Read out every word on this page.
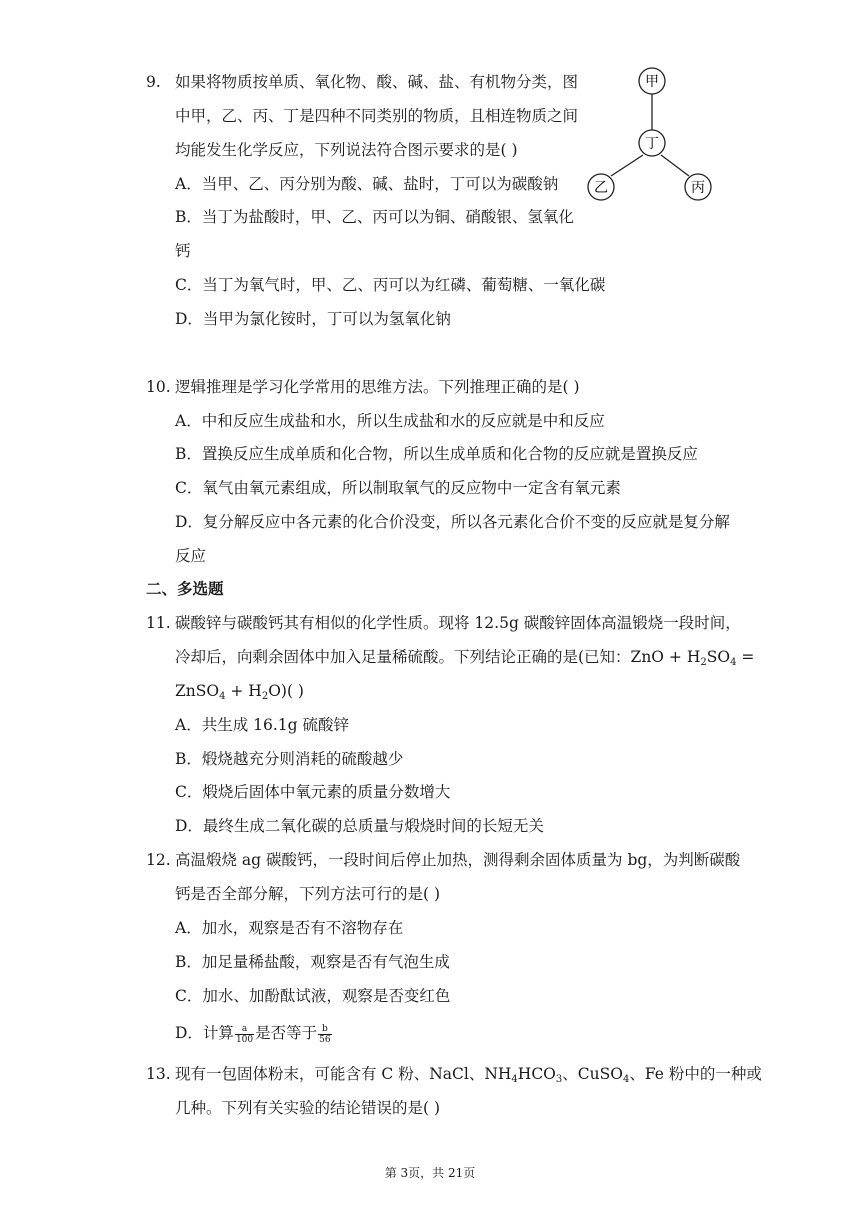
9. 如果将物质按单质、氧化物、酸、碱、盐、有机物分类，图
中甲，乙、丙、丁是四种不同类别的物质，且相连物质之间
均能发生化学反应，下列说法符合图示要求的是( )
A．当甲、乙、丙分别为酸、碱、盐时，丁可以为碳酸钠
B．当丁为盐酸时，甲、乙、丙可以为铜、硝酸银、氢氧化
钙
C．当丁为氧气时，甲、乙、丙可以为红磷、葡萄糖、一氧化碳
D．当甲为氯化铵时，丁可以为氢氧化钠
甲
丁
乙	丙
10. 逻辑推理是学习化学常用的思维方法。下列推理正确的是( )
A．中和反应生成盐和水，所以生成盐和水的反应就是中和反应
B．置换反应生成单质和化合物，所以生成单质和化合物的反应就是置换反应
C．氧气由氧元素组成，所以制取氧气的反应物中一定含有氧元素
D．复分解反应中各元素的化合价没变，所以各元素化合价不变的反应就是复分解
反应
二、多选题
11. 碳酸锌与碳酸钙其有相似的化学性质。现将 12.5g 碳酸锌固体高温锻烧一段时间，
冷却后，向剩余固体中加入足量稀硫酸。下列结论正确的是(已知：ZnO + $H_2SO_4$ =
ZnSO$_4$ + $H_2O$)( )
A．共生成 16.1g 硫酸锌
B．煅烧越充分则消耗的硫酸越少
C．煅烧后固体中氧元素的质量分数增大
D．最终生成二氧化碳的总质量与煅烧时间的长短无关
12. 高温煅烧 ag 碳酸钙，一段时间后停止加热，测得剩余固体质量为 bg，为判断碳酸
钙是否全部分解，下列方法可行的是( )
A．加水，观察是否有不溶物存在
B．加足量稀盐酸，观察是否有气泡生成
C．加水、加酚酞试液，观察是否变红色
D．计算 $\frac{a}{100}$ 是否等于 $\frac{b}{56}$
13. 现有一包固体粉末，可能含有 C 粉、NaCl、$NH_4HCO_3$、CuSO$_4$、Fe 粉中的一种或
几种。下列有关实验的结论错误的是( )
第 3页，共 21页
